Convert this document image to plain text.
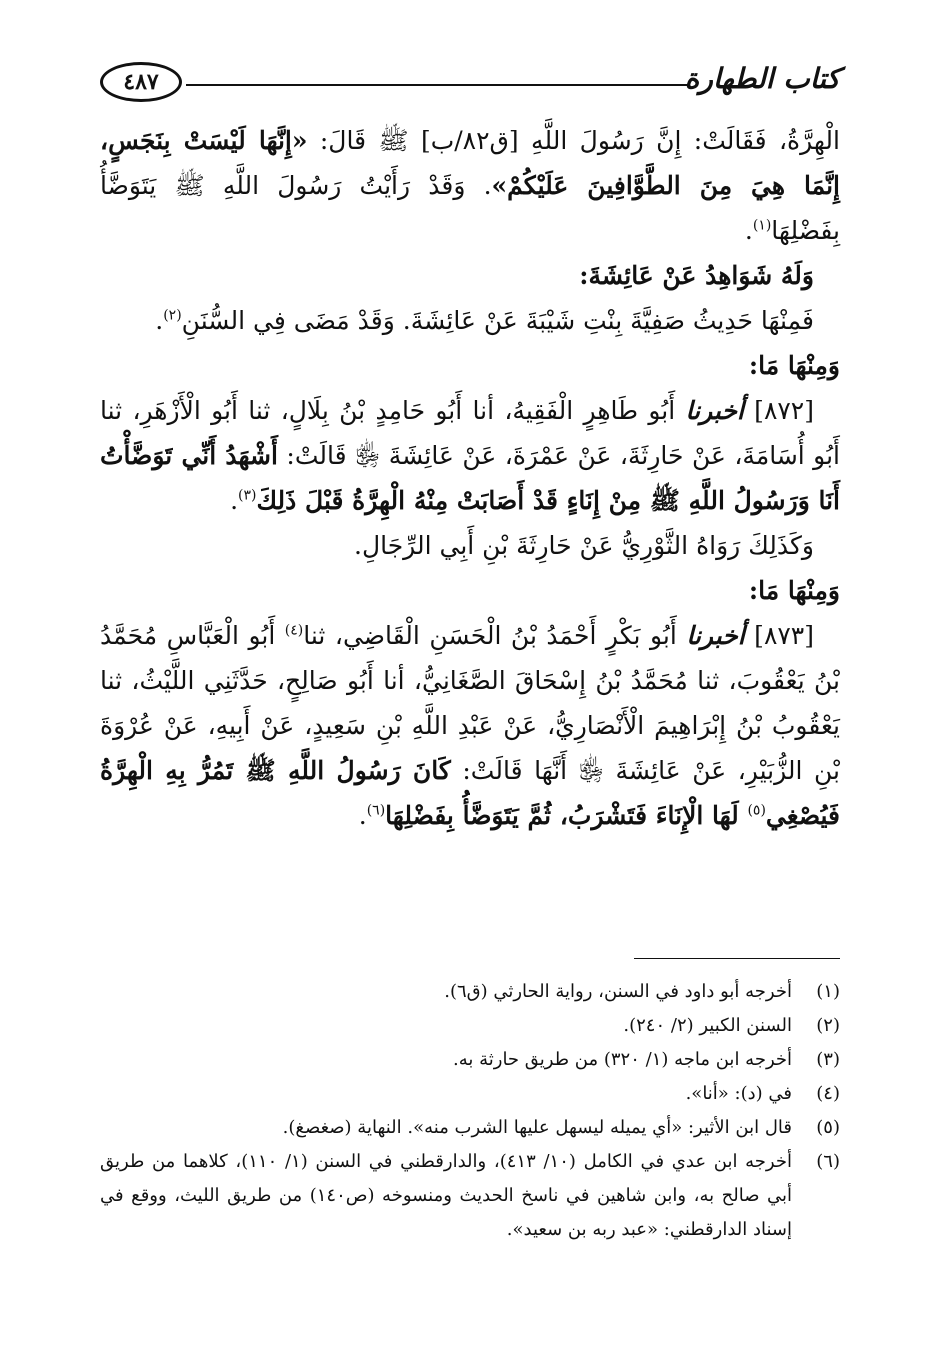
٤٨٧	كتاب الطهارة

الْهِرَّةُ، فَقَالَتْ: إِنَّ رَسُولَ اللَّهِ [ق٨٢/ب] ﷺ قَالَ: «إِنَّهَا لَيْسَتْ بِنَجَسٍ، إِنَّمَا هِيَ مِنَ الطَّوَّافِينَ عَلَيْكُمْ». وَقَدْ رَأَيْتُ رَسُولَ اللَّهِ ﷺ يَتَوَضَّأُ بِفَضْلِهَا$^{(١)}$.

وَلَهُ شَوَاهِدُ عَنْ عَائِشَةَ:

فَمِنْهَا حَدِيثُ صَفِيَّةَ بِنْتِ شَيْبَةَ عَنْ عَائِشَةَ. وَقَدْ مَضَى فِي السُّنَنِ$^{(٢)}$.

وَمِنْهَا مَا:

[٨٧٢] أخبرنا أَبُو طَاهِرٍ الْفَقِيهُ، أنا أَبُو حَامِدٍ بْنُ بِلَالٍ، ثنا أَبُو الْأَزْهَرِ، ثنا أَبُو أُسَامَةَ، عَنْ حَارِثَةَ، عَنْ عَمْرَةَ، عَنْ عَائِشَةَ ﵂ قَالَتْ: أَشْهَدُ أَنِّي تَوَضَّأْتُ أَنَا وَرَسُولُ اللَّهِ ﷺ مِنْ إِنَاءٍ قَدْ أَصَابَتْ مِنْهُ الْهِرَّةُ قَبْلَ ذَلِكَ$^{(٣)}$.

وَكَذَلِكَ رَوَاهُ الثَّوْرِيُّ عَنْ حَارِثَةَ بْنِ أَبِي الرِّجَالِ.

وَمِنْهَا مَا:

[٨٧٣] أخبرنا أَبُو بَكْرٍ أَحْمَدُ بْنُ الْحَسَنِ الْقَاضِي، ثنا$^{(٤)}$ أَبُو الْعَبَّاسِ مُحَمَّدُ بْنُ يَعْقُوبَ، ثنا مُحَمَّدُ بْنُ إِسْحَاقَ الصَّغَانِيُّ، أنا أَبُو صَالِحٍ، حَدَّثَنِي اللَّيْثُ، ثنا يَعْقُوبُ بْنُ إِبْرَاهِيمَ الْأَنْصَارِيُّ، عَنْ عَبْدِ اللَّهِ بْنِ سَعِيدٍ، عَنْ أَبِيهِ، عَنْ عُرْوَةَ بْنِ الزُّبَيْرِ، عَنْ عَائِشَةَ ﵂ أَنَّهَا قَالَتْ: كَانَ رَسُولُ اللَّهِ ﷺ تَمُرُّ بِهِ الْهِرَّةُ فَيُصْغِي$^{(٥)}$ لَهَا الْإِنَاءَ فَتَشْرَبُ، ثُمَّ يَتَوَضَّأُ بِفَضْلِهَا$^{(٦)}$.

(١)
أخرجه أبو داود في السنن، رواية الحارثي (ق٦).
(٢)
السنن الكبير (٢/ ٢٤٠).
(٣)
أخرجه ابن ماجه (١/ ٣٢٠) من طريق حارثة به.
(٤)
في (د): «أنا».
(٥)
قال ابن الأثير: «أي يميله ليسهل عليها الشرب منه». النهاية (صغصغ).
(٦)
أخرجه ابن عدي في الكامل (١٠/ ٤١٣)، والدارقطني في السنن (١/ ١١٠)، كلاهما من طريق أبي صالح به، وابن شاهين في ناسخ الحديث ومنسوخه (ص١٤٠) من طريق الليث، ووقع في إسناد الدارقطني: «عبد ربه بن سعيد».
